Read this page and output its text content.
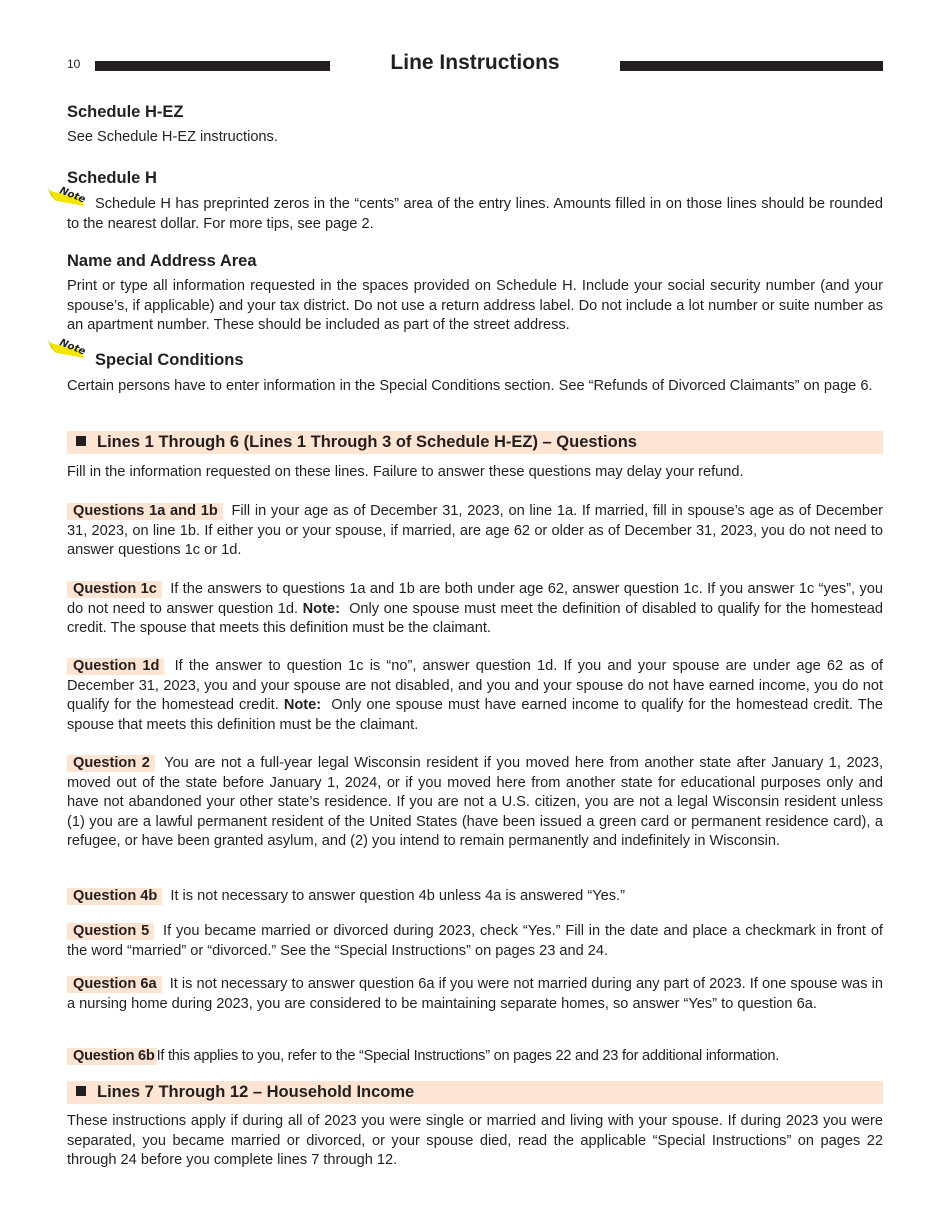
10	Line Instructions
Schedule H-EZ

See Schedule H-EZ instructions.

Schedule H

Schedule H has preprinted zeros in the “cents” area of the entry lines. Amounts filled in on those lines should be rounded to the nearest dollar. For more tips, see page 2.

Note
Name and Address Area

Print or type all information requested in the spaces provided on Schedule H. Include your social security number (and your spouse’s, if applicable) and your tax district. Do not use a return address label. Do not include a lot number or suite number as an apartment number. These should be included as part of the street address.

Note
Special Conditions

Certain persons have to enter information in the Special Conditions section. See “Refunds of Divorced Claimants” on page 6.

Lines 1 Through 6 (Lines 1 Through 3 of Schedule H-EZ) – Questions

Fill in the information requested on these lines. Failure to answer these questions may delay your refund.

Questions 1a and 1b Fill in your age as of December 31, 2023, on line 1a. If married, fill in spouse’s age as of December 31, 2023, on line 1b. If either you or your spouse, if married, are age 62 or older as of December 31, 2023, you do not need to answer questions 1c or 1d.

Question 1c If the answers to questions 1a and 1b are both under age 62, answer question 1c. If you answer 1c “yes”, you do not need to answer question 1d. Note: Only one spouse must meet the definition of disabled to qualify for the homestead credit. The spouse that meets this definition must be the claimant.

Question 1d If the answer to question 1c is “no”, answer question 1d. If you and your spouse are under age 62 as of December 31, 2023, you and your spouse are not disabled, and you and your spouse do not have earned income, you do not qualify for the homestead credit. Note: Only one spouse must have earned income to qualify for the homestead credit. The spouse that meets this definition must be the claimant.

Question 2 You are not a full-year legal Wisconsin resident if you moved here from another state after January 1, 2023, moved out of the state before January 1, 2024, or if you moved here from another state for educational purposes only and have not abandoned your other state’s residence. If you are not a U.S. citizen, you are not a legal Wisconsin resident unless (1) you are a lawful permanent resident of the United States (have been issued a green card or permanent residence card), a refugee, or have been granted asylum, and (2) you intend to remain permanently and indefinitely in Wisconsin.

Question 4b It is not necessary to answer question 4b unless 4a is answered “Yes.”

Question 5 If you became married or divorced during 2023, check “Yes.” Fill in the date and place a checkmark in front of the word “married” or “divorced.” See the “Special Instructions” on pages 23 and 24.

Question 6a It is not necessary to answer question 6a if you were not married during any part of 2023. If one spouse was in a nursing home during 2023, you are considered to be maintaining separate homes, so answer “Yes” to question 6a.

Question 6b If this applies to you, refer to the “Special Instructions” on pages 22 and 23 for additional information.

Lines 7 Through 12 – Household Income

These instructions apply if during all of 2023 you were single or married and living with your spouse. If during 2023 you were separated, you became married or divorced, or your spouse died, read the applicable “Special Instructions” on pages 22 through 24 before you complete lines 7 through 12.
